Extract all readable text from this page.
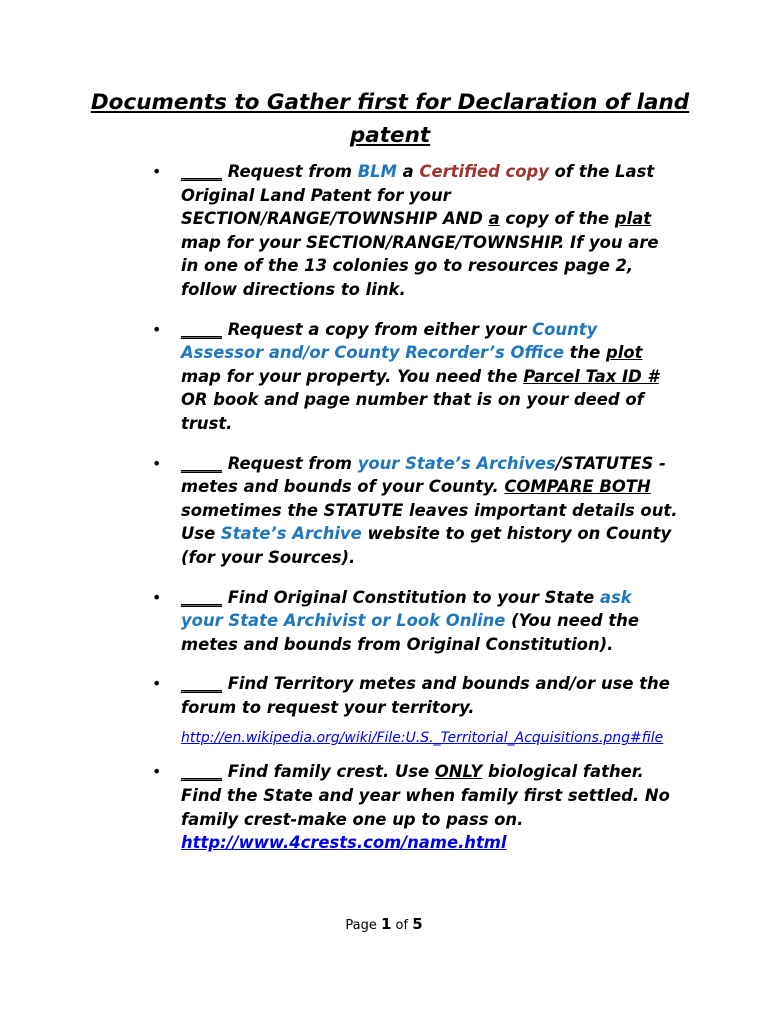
Documents to Gather first for Declaration of land patent
• _____ Request from BLM a Certified copy of the Last Original Land Patent for your SECTION/RANGE/TOWNSHIP AND a copy of the plat map for your SECTION/RANGE/TOWNSHIP. If you are in one of the 13 colonies go to resources page 2, follow directions to link.
• _____ Request a copy from either your County Assessor and/or County Recorder’s Office the plot map for your property. You need the Parcel Tax ID # OR book and page number that is on your deed of trust.
• _____ Request from your State’s Archives/STATUTES - metes and bounds of your County. COMPARE BOTH sometimes the STATUTE leaves important details out. Use State’s Archive website to get history on County (for your Sources).
• _____ Find Original Constitution to your State ask your State Archivist or Look Online (You need the metes and bounds from Original Constitution).
• _____ Find Territory metes and bounds and/or use the forum to request your territory.
http://en.wikipedia.org/wiki/File:U.S._Territorial_Acquisitions.png#file
• _____ Find family crest. Use ONLY biological father. Find the State and year when family first settled. No family crest-make one up to pass on. http://www.4crests.com/name.html
Page 1 of 5
